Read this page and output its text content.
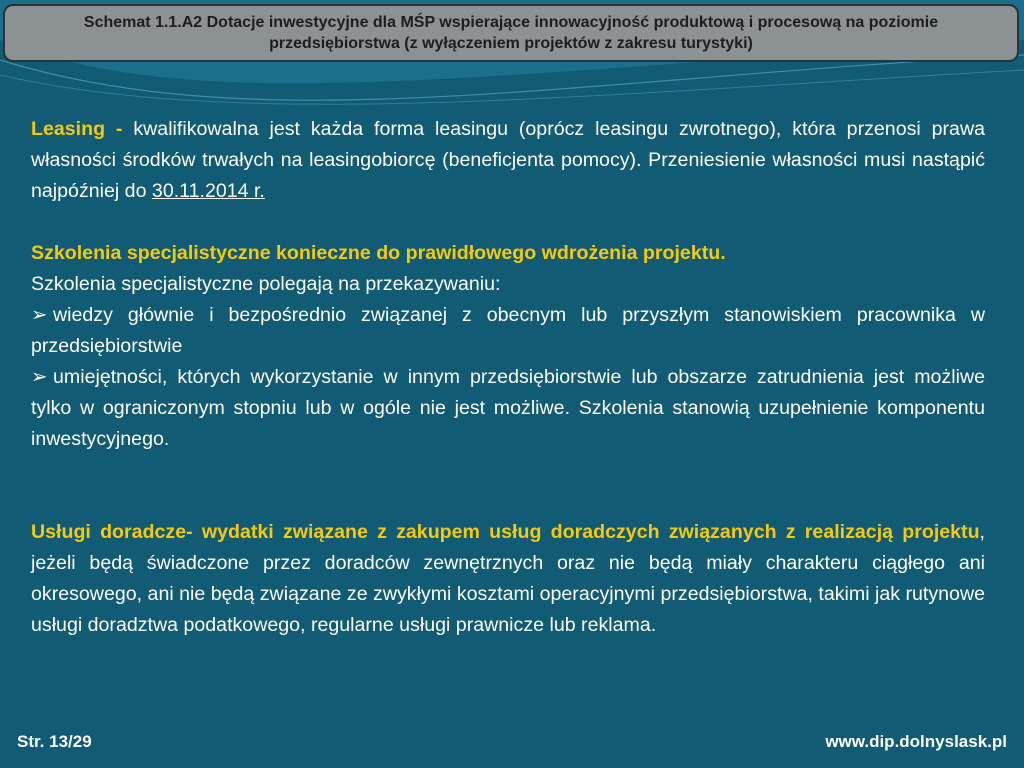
Schemat 1.1.A2 Dotacje inwestycyjne dla MŚP wspierające innowacyjność produktową i procesową na poziomie przedsiębiorstwa (z wyłączeniem projektów z zakresu turystyki)

Leasing - kwalifikowalna jest każda forma leasingu (oprócz leasingu zwrotnego), która przenosi prawa własności środków trwałych na leasingobiorcę (beneficjenta pomocy). Przeniesienie własności musi nastąpić najpóźniej do 30.11.2014 r.

Szkolenia specjalistyczne konieczne do prawidłowego wdrożenia projektu.

Szkolenia specjalistyczne polegają na przekazywaniu:

➢ wiedzy głównie i bezpośrednio związanej z obecnym lub przyszłym stanowiskiem pracownika w przedsiębiorstwie

➢ umiejętności, których wykorzystanie w innym przedsiębiorstwie lub obszarze zatrudnienia jest możliwe tylko w ograniczonym stopniu lub w ogóle nie jest możliwe. Szkolenia stanowią uzupełnienie komponentu inwestycyjnego.

Usługi doradcze- wydatki związane z zakupem usług doradczych związanych z realizacją projektu, jeżeli będą świadczone przez doradców zewnętrznych oraz nie będą miały charakteru ciągłego ani okresowego, ani nie będą związane ze zwykłymi kosztami operacyjnymi przedsiębiorstwa, takimi jak rutynowe usługi doradztwa podatkowego, regularne usługi prawnicze lub reklama.

Str. 13/29	www.dip.dolnyslask.pl
